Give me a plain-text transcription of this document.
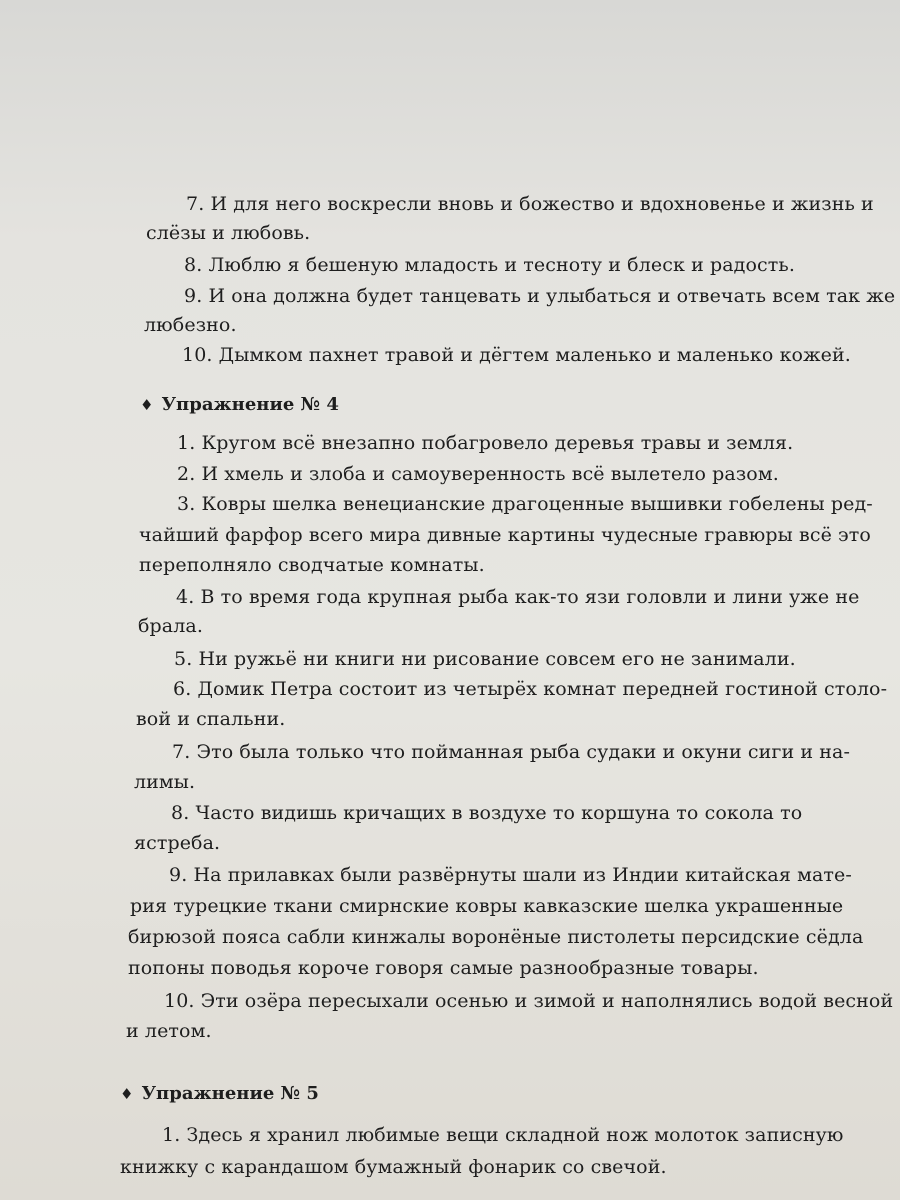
7. И для него воскресли вновь и божество и вдохновенье и жизнь и
слёзы и любовь.
8. Люблю я бешеную младость и тесноту и блеск и радость.
9. И она должна будет танцевать и улыбаться и отвечать всем так же
любезно.
10. Дымком пахнет травой и дёгтем маленько и маленько кожей.
♦ Упражнение № 4
1. Кругом всё внезапно побагровело деревья травы и земля.
2. И хмель и злоба и самоуверенность всё вылетело разом.
3. Ковры шелка венецианские драгоценные вышивки гобелены ред-
чайший фарфор всего мира дивные картины чудесные гравюры всё это
переполняло сводчатые комнаты.
4. В то время года крупная рыба как-то язи головли и лини уже не
брала.
5. Ни ружьё ни книги ни рисование совсем его не занимали.
6. Домик Петра состоит из четырёх комнат передней гостиной столо-
вой и спальни.
7. Это была только что пойманная рыба судаки и окуни сиги и на-
лимы.
8. Часто видишь кричащих в воздухе то коршуна то сокола то
ястреба.
9. На прилавках были развёрнуты шали из Индии китайская мате-
рия турецкие ткани смирнские ковры кавказские шелка украшенные
бирюзой пояса сабли кинжалы воронёные пистолеты персидские сёдла
попоны поводья короче говоря самые разнообразные товары.
10. Эти озёра пересыхали осенью и зимой и наполнялись водой весной
и летом.
♦ Упражнение № 5
1. Здесь я хранил любимые вещи складной нож молоток записную
книжку с карандашом бумажный фонарик со свечой.
